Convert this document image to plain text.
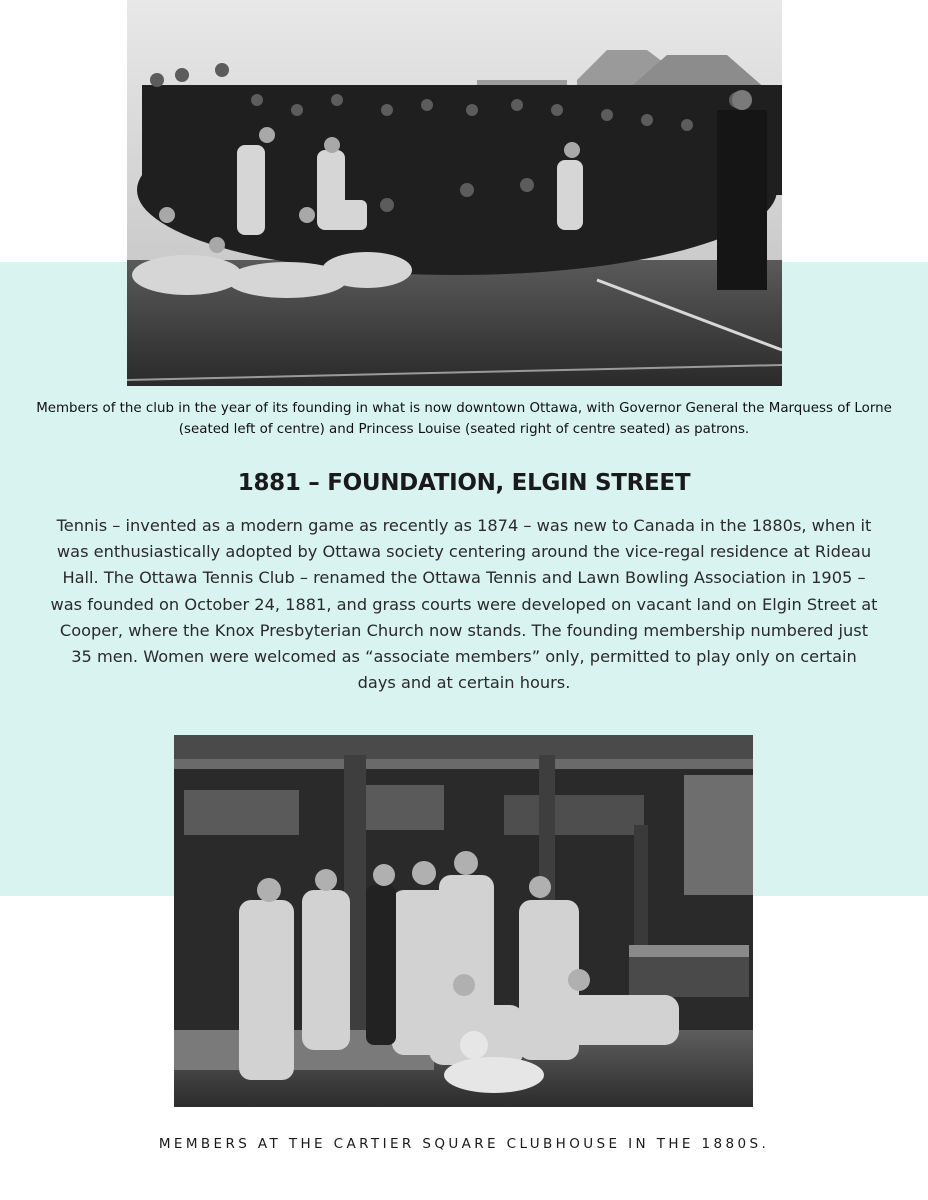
Members of the club in the year of its founding in what is now downtown Ottawa, with Governor General the Marquess of Lorne (seated left of centre) and Princess Louise (seated right of centre seated) as patrons.

1881 – FOUNDATION, ELGIN STREET

Tennis – invented as a modern game as recently as 1874 – was new to Canada in the 1880s, when it was enthusiastically adopted by Ottawa society centering around the vice-regal residence at Rideau Hall. The Ottawa Tennis Club – renamed the Ottawa Tennis and Lawn Bowling Association in 1905 – was founded on October 24, 1881, and grass courts were developed on vacant land on Elgin Street at Cooper, where the Knox Presbyterian Church now stands. The founding membership numbered just 35 men. Women were welcomed as “associate members” only, permitted to play only on certain days and at certain hours.

MEMBERS AT THE CARTIER SQUARE CLUBHOUSE IN THE 1880S.
